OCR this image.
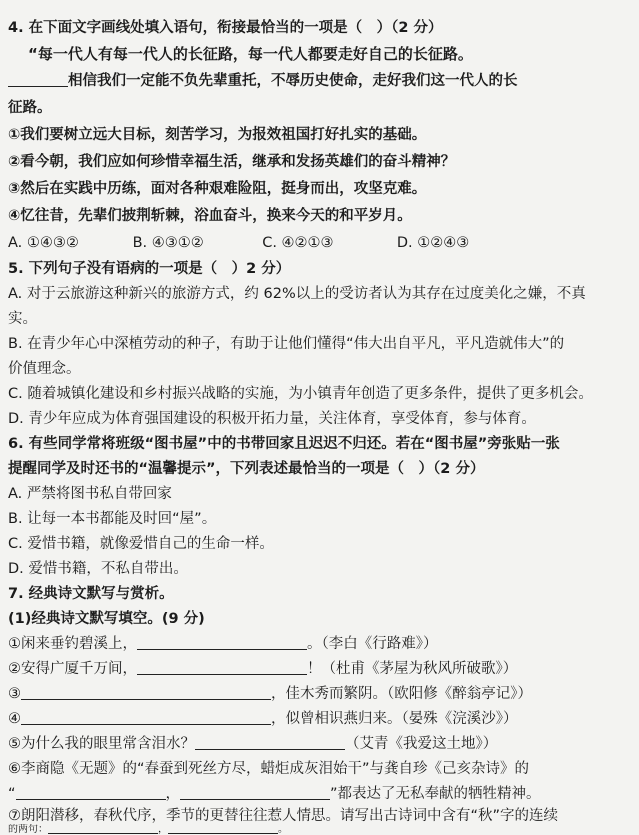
4. 在下面文字画线处填入语句，衔接最恰当的一项是（　）（2 分）
“每一代人有每一代人的长征路，每一代人都要走好自己的长征路。
相信我们一定能不负先辈重托，不辱历史使命，走好我们这一代人的长
征路。
①我们要树立远大目标，刻苦学习，为报效祖国打好扎实的基础。
②看今朝，我们应如何珍惜幸福生活，继承和发扬英雄们的奋斗精神？
③然后在实践中历练，面对各种艰难险阻，挺身而出，攻坚克难。
④忆往昔，先辈们披荆斩棘，浴血奋斗，换来今天的和平岁月。
A. ①④③②	B. ④③①②	C. ④②①③	D. ①②④③
5. 下列句子没有语病的一项是（　）2 分）
A. 对于云旅游这种新兴的旅游方式，约 62%以上的受访者认为其存在过度美化之嫌，不真
实。
B. 在青少年心中深植劳动的种子，有助于让他们懂得“伟大出自平凡，平凡造就伟大”的
价值理念。
C. 随着城镇化建设和乡村振兴战略的实施，为小镇青年创造了更多条件，提供了更多机会。
D. 青少年应成为体育强国建设的积极开拓力量，关注体育，享受体育，参与体育。
6. 有些同学常将班级“图书屋”中的书带回家且迟迟不归还。若在“图书屋”旁张贴一张
提醒同学及时还书的“温馨提示”，下列表述最恰当的一项是（　）（2 分）
A. 严禁将图书私自带回家
B. 让每一本书都能及时回“屋”。
C. 爱惜书籍，就像爱惜自己的生命一样。
D. 爱惜书籍，不私自带出。
7. 经典诗文默写与赏析。
(1)经典诗文默写填空。(9 分)
①闲来垂钓碧溪上，	。（李白《行路难》）
②安得广厦千万间，	！（杜甫《茅屋为秋风所破歌》）
③	，佳木秀而繁阴。（欧阳修《醉翁亭记》）
④	，似曾相识燕归来。（晏殊《浣溪沙》）
⑤为什么我的眼里常含泪水？	（艾青《我爱这土地》）
⑥李商隐《无题》的“春蚕到死丝方尽，蜡炬成灰泪始干”与龚自珍《己亥杂诗》的
“	，	”都表达了无私奉献的牺牲精神。
⑦朗阳潜移，春秋代序，季节的更替往往惹人情思。请写出古诗词中含有“秋”字的连续
的两句：	，	。
